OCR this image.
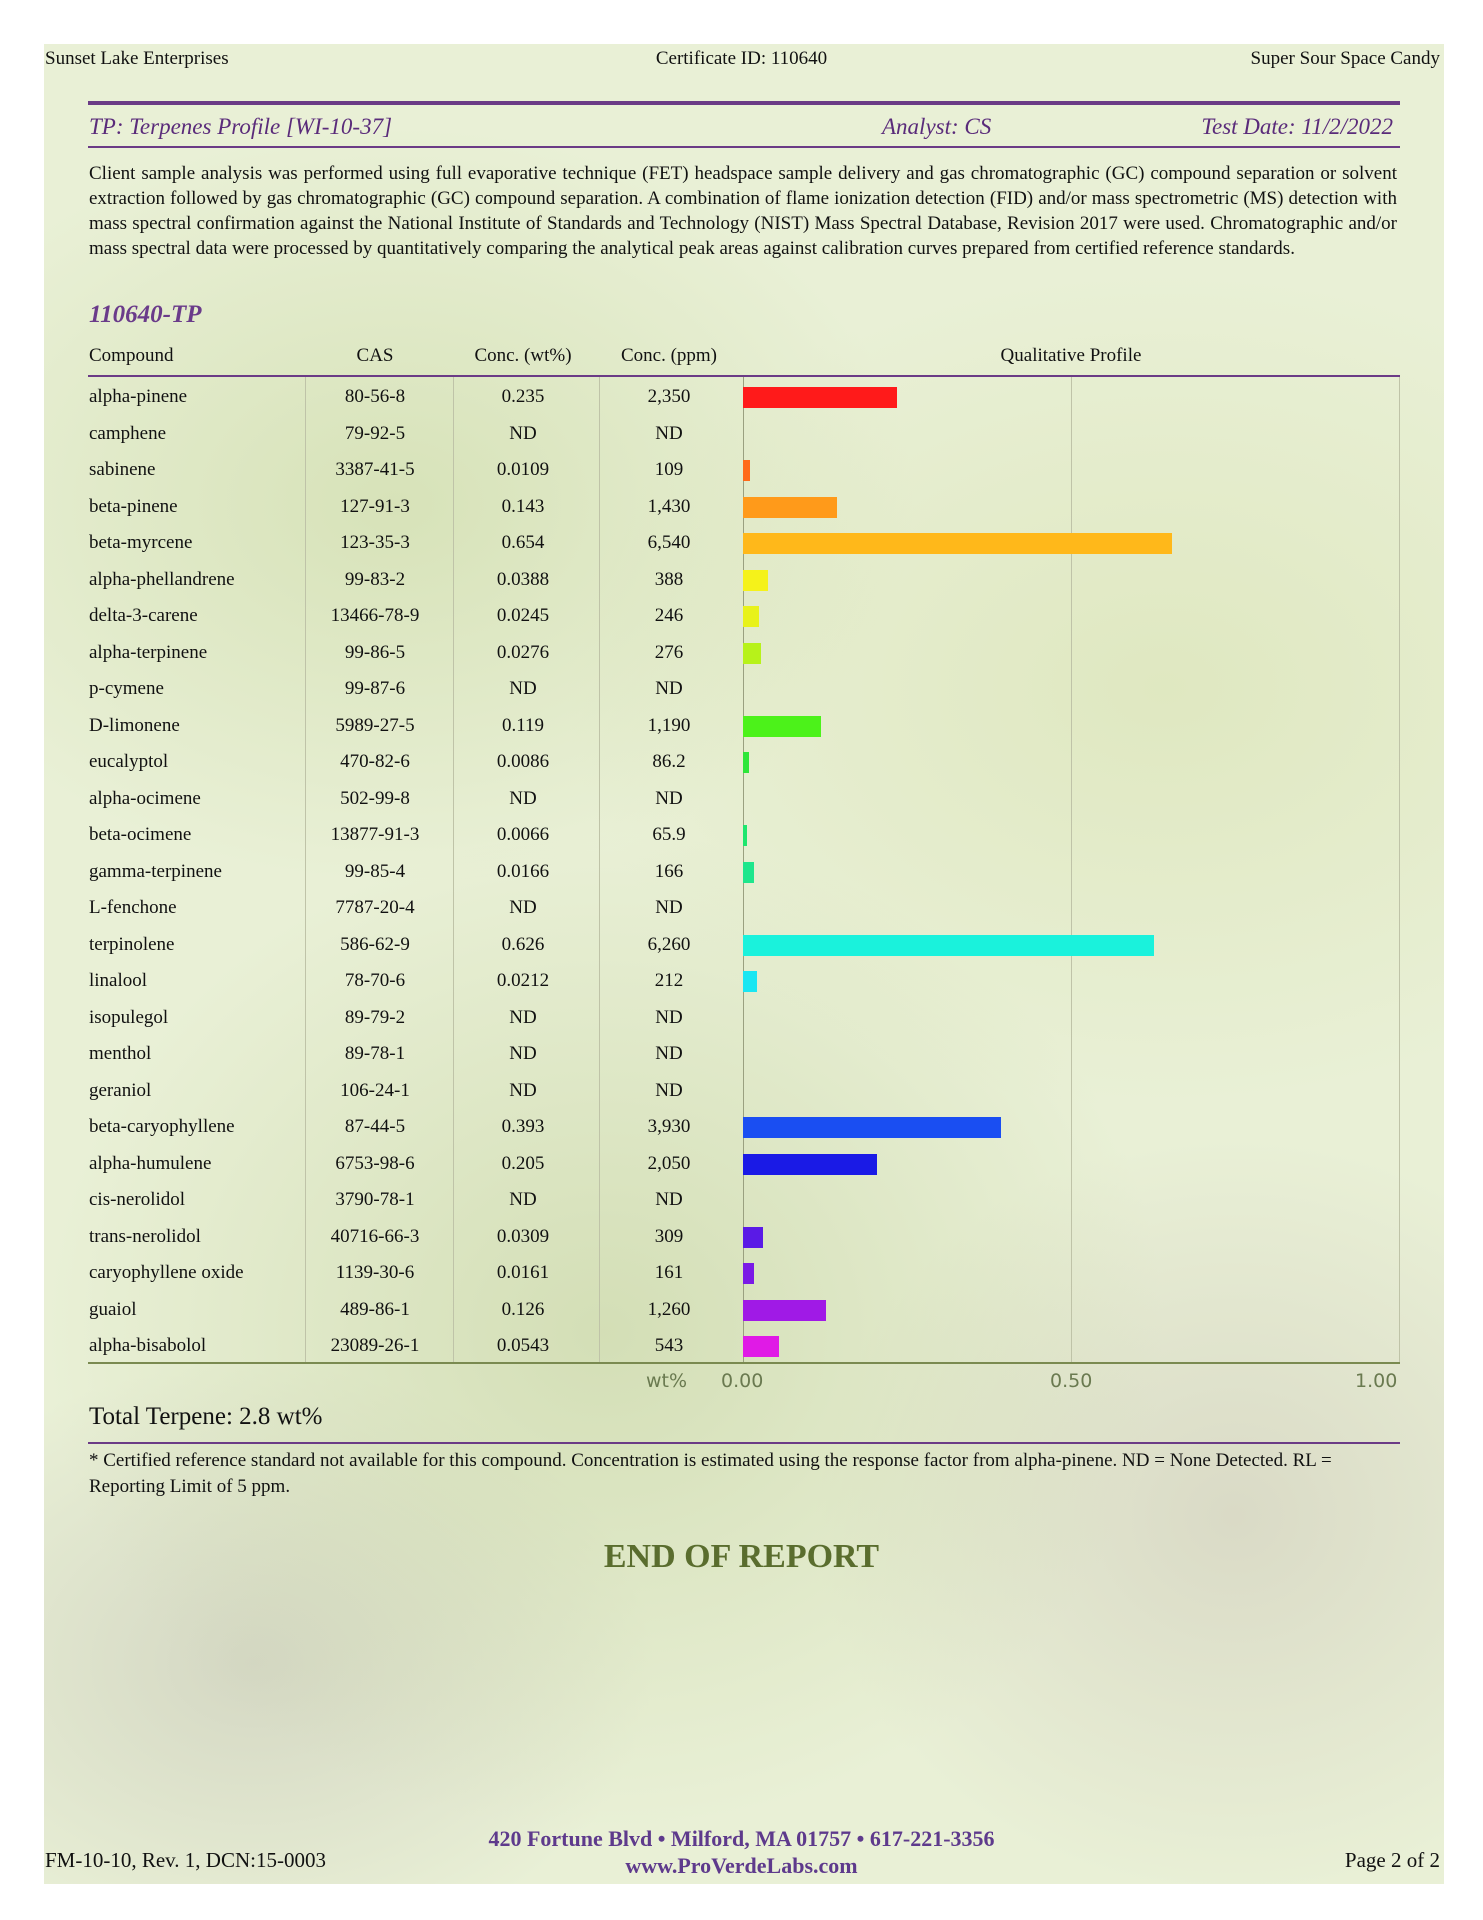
Sunset Lake Enterprises	Certificate ID: 110640	Super Sour Space Candy
TP: Terpenes Profile [WI-10-37]	Analyst: CS	Test Date: 11/2/2022
Client sample analysis was performed using full evaporative technique (FET) headspace sample delivery and gas chromatographic (GC) compound separation or solvent extraction followed by gas chromatographic (GC) compound separation. A combination of flame ionization detection (FID) and/or mass spectrometric (MS) detection with mass spectral confirmation against the National Institute of Standards and Technology (NIST) Mass Spectral Database, Revision 2017 were used. Chromatographic and/or mass spectral data were processed by quantitatively comparing the analytical peak areas against calibration curves prepared from certified reference standards.
110640-TP
Compound	CAS	Conc. (wt%)	Conc. (ppm)	Qualitative Profile
alpha-pinene	80-56-8	0.235	2,350
camphene	79-92-5	ND	ND
sabinene	3387-41-5	0.0109	109
beta-pinene	127-91-3	0.143	1,430
beta-myrcene	123-35-3	0.654	6,540
alpha-phellandrene	99-83-2	0.0388	388
delta-3-carene	13466-78-9	0.0245	246
alpha-terpinene	99-86-5	0.0276	276
p-cymene	99-87-6	ND	ND
D-limonene	5989-27-5	0.119	1,190
eucalyptol	470-82-6	0.0086	86.2
alpha-ocimene	502-99-8	ND	ND
beta-ocimene	13877-91-3	0.0066	65.9
gamma-terpinene	99-85-4	0.0166	166
L-fenchone	7787-20-4	ND	ND
terpinolene	586-62-9	0.626	6,260
linalool	78-70-6	0.0212	212
isopulegol	89-79-2	ND	ND
menthol	89-78-1	ND	ND
geraniol	106-24-1	ND	ND
beta-caryophyllene	87-44-5	0.393	3,930
alpha-humulene	6753-98-6	0.205	2,050
cis-nerolidol	3790-78-1	ND	ND
trans-nerolidol	40716-66-3	0.0309	309
caryophyllene oxide	1139-30-6	0.0161	161
guaiol	489-86-1	0.126	1,260
alpha-bisabolol	23089-26-1	0.0543	543
wt% 0.00	0.50	1.00
Total Terpene: 2.8 wt%
* Certified reference standard not available for this compound. Concentration is estimated using the response factor from alpha-pinene. ND = None Detected. RL = Reporting Limit of 5 ppm.
END OF REPORT
420 Fortune Blvd • Milford, MA 01757 • 617-221-3356
www.ProVerdeLabs.com
FM-10-10, Rev. 1, DCN:15-0003	Page 2 of 2
